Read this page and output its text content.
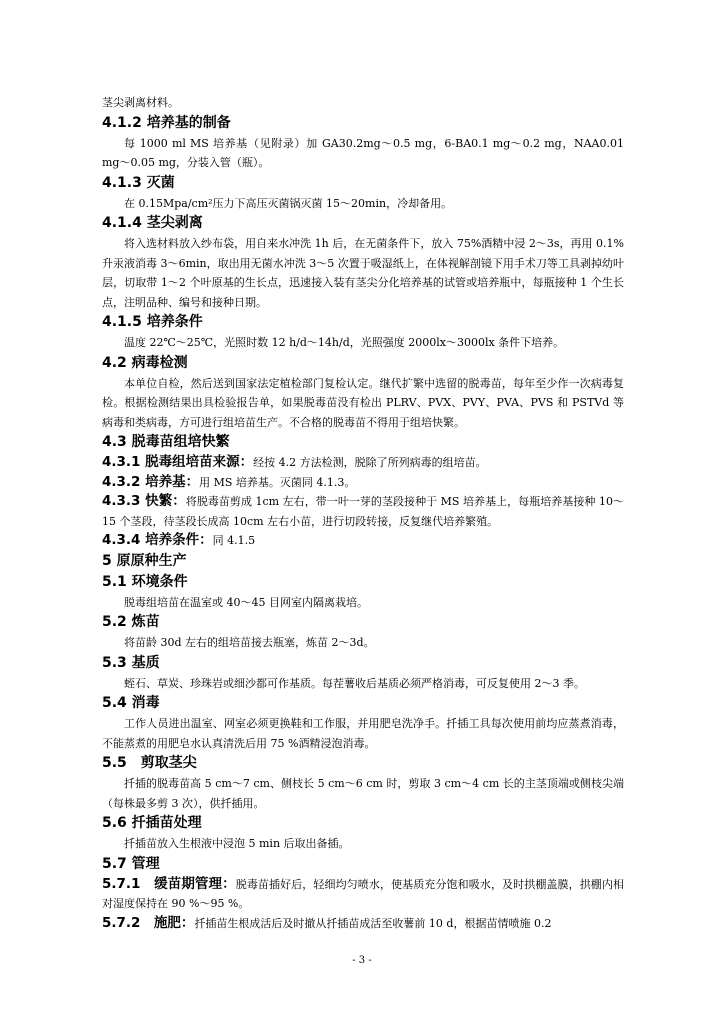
茎尖剥离材料。

4.1.2 培养基的制备

每 1000 ml MS 培养基（见附录）加 GA30.2mg～0.5 mg，6-BA0.1 mg～0.2 mg，NAA0.01 mg～0.05 mg，分装入管（瓶）。

4.1.3 灭菌

在 0.15Mpa/cm²压力下高压灭菌锅灭菌 15～20min，冷却备用。

4.1.4 茎尖剥离

将入选材料放入纱布袋，用自来水冲洗 1h 后，在无菌条件下，放入 75%酒精中浸 2～3s，再用 0.1%升汞液消毒 3～6min，取出用无菌水冲洗 3～5 次置于吸湿纸上，在体视解剖镜下用手术刀等工具剥掉幼叶层，切取带 1～2 个叶原基的生长点，迅速接入装有茎尖分化培养基的试管或培养瓶中，每瓶接种 1 个生长点，注明品种、编号和接种日期。

4.1.5 培养条件

温度 22℃～25℃，光照时数 12 h/d～14h/d，光照强度 2000lx～3000lx 条件下培养。

4.2 病毒检测

本单位自检，然后送到国家法定植检部门复检认定。继代扩繁中选留的脱毒苗，每年至少作一次病毒复检。根据检测结果出具检验报告单，如果脱毒苗没有检出 PLRV、PVX、PVY、PVA、PVS 和 PSTVd 等病毒和类病毒，方可进行组培苗生产。不合格的脱毒苗不得用于组培快繁。

4.3 脱毒苗组培快繁

4.3.1 脱毒组培苗来源：经按 4.2 方法检测，脱除了所列病毒的组培苗。

4.3.2 培养基：用 MS 培养基。灭菌同 4.1.3。

4.3.3 快繁：将脱毒苗剪成 1cm 左右，带一叶一芽的茎段接种于 MS 培养基上，每瓶培养基接种 10～15 个茎段，待茎段长成高 10cm 左右小苗，进行切段转接，反复继代培养繁殖。

4.3.4 培养条件：同 4.1.5

5 原原种生产

5.1 环境条件

脱毒组培苗在温室或 40～45 目网室内隔离栽培。

5.2 炼苗

将苗龄 30d 左右的组培苗接去瓶塞，炼苗 2～3d。

5.3 基质

蛭石、草炭、珍珠岩或细沙都可作基质。每茬薯收后基质必须严格消毒，可反复使用 2～3 季。

5.4 消毒

工作人员进出温室、网室必须更换鞋和工作服，并用肥皂洗净手。扦插工具每次使用前均应蒸煮消毒，不能蒸煮的用肥皂水认真清洗后用 75 %酒精浸泡消毒。

5.5　剪取茎尖

扦插的脱毒苗高 5 cm～7 cm、侧枝长 5 cm～6 cm 时，剪取 3 cm～4 cm 长的主茎顶端或侧枝尖端（每株最多剪 3 次），供扦插用。

5.6 扦插苗处理

扦插苗放入生根液中浸泡 5 min 后取出备插。

5.7 管理

5.7.1　缓苗期管理：脱毒苗插好后，轻细均匀喷水，使基质充分饱和吸水，及时拱棚盖膜，拱棚内相对湿度保持在 90 %～95 %。

5.7.2　施肥：扦插苗生根成活后及时撤从扦插苗成活至收薯前 10 d，根据苗情喷施 0.2

- 3 -
